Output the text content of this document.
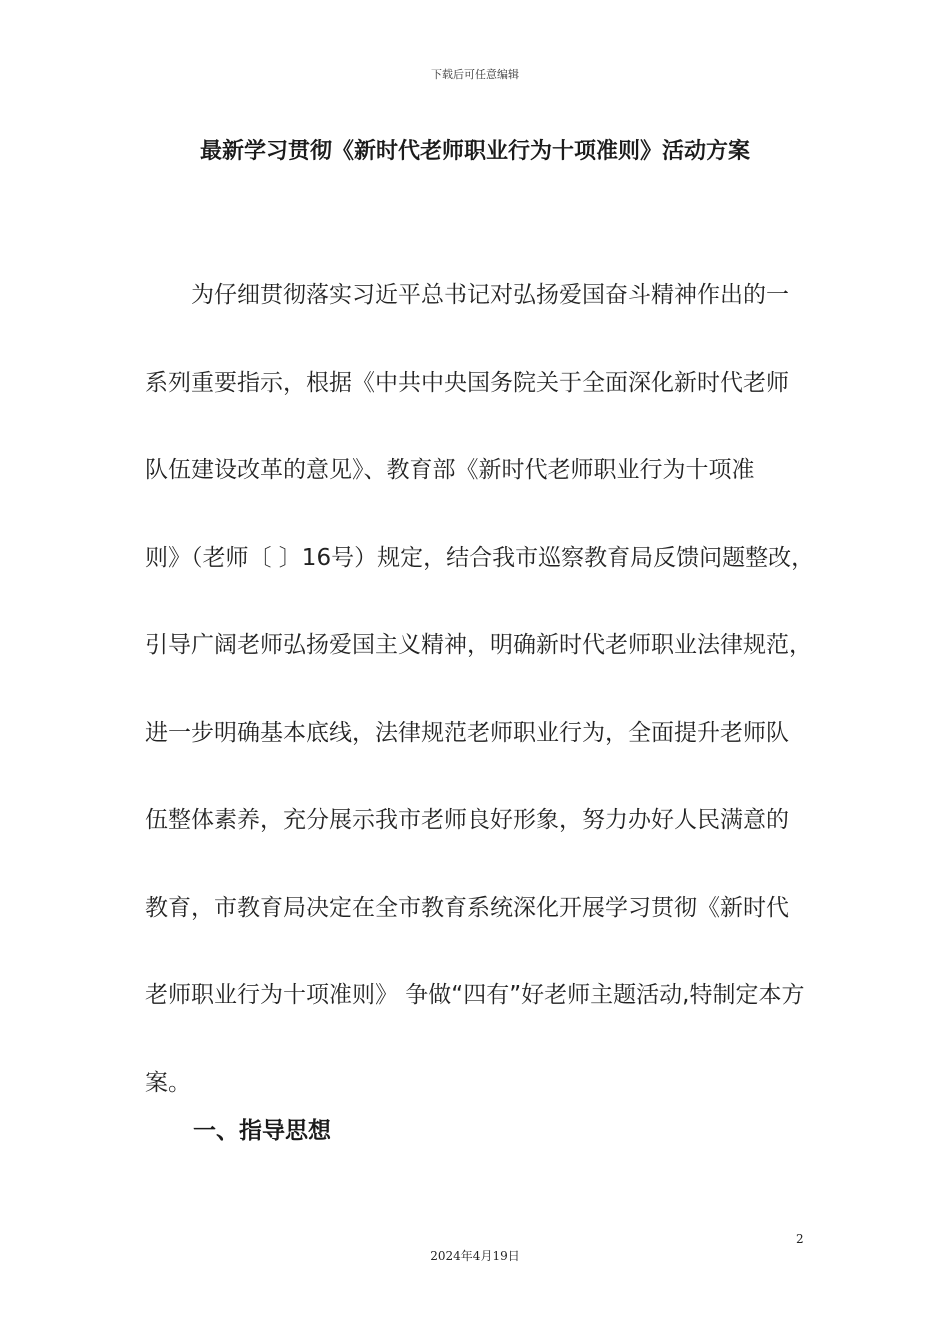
下载后可任意编辑
最新学习贯彻《新时代老师职业行为十项准则》活动方案

为仔细贯彻落实习近平总书记对弘扬爱国奋斗精神作出的一
系列重要指示，根据《中共中央国务院关于全面深化新时代老师
队伍建设改革的意见》、教育部《新时代老师职业行为十项准
则》（老师〔 〕16号）规定，结合我市巡察教育局反馈问题整改，
引导广阔老师弘扬爱国主义精神，明确新时代老师职业法律规范，
进一步明确基本底线，法律规范老师职业行为，全面提升老师队
伍整体素养，充分展示我市老师良好形象，努力办好人民满意的
教育，市教育局决定在全市教育系统深化开展学习贯彻《新时代
老师职业行为十项准则》 争做“四有”好老师主题活动,特制定本方
案。

一、指导思想
2
2024年4月19日
